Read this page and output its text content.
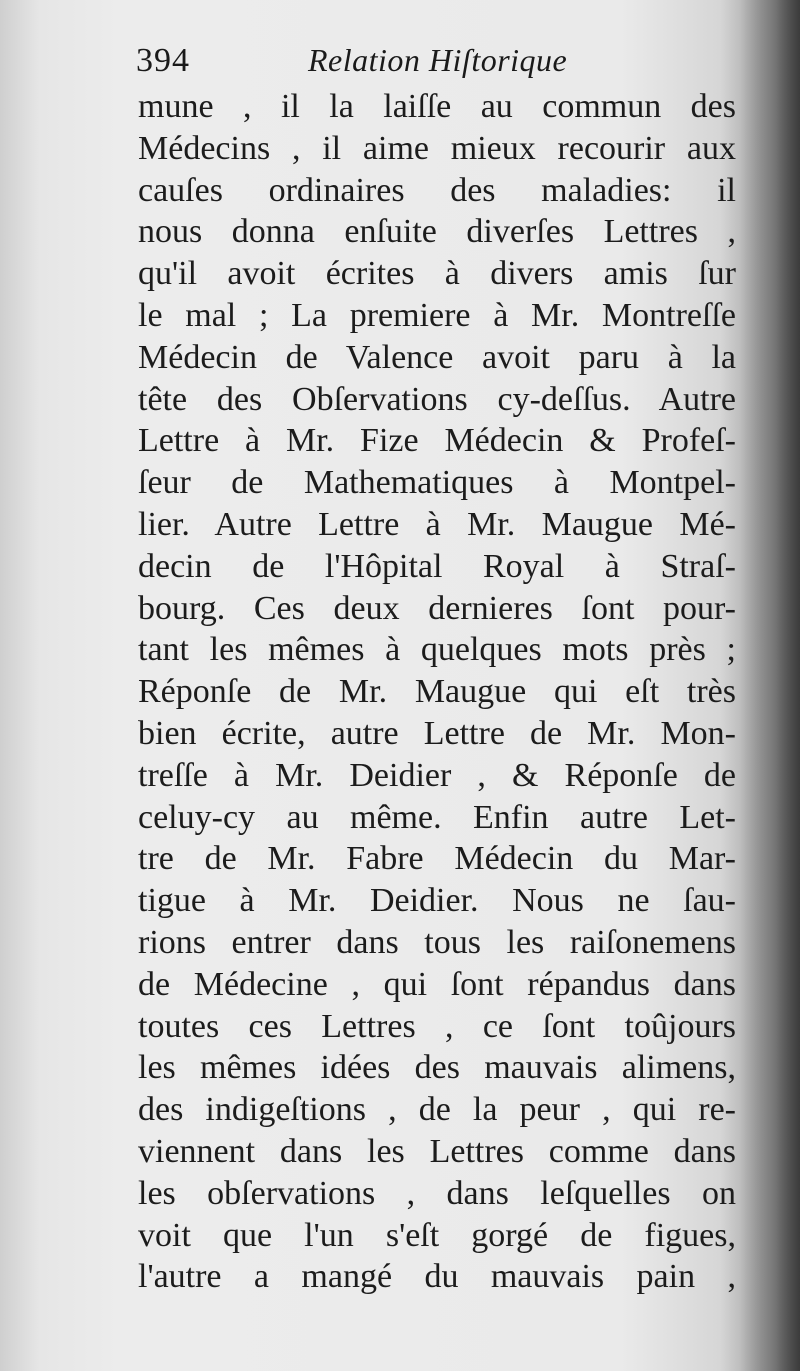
394	Relation Hiſtorique
mune , il la laiſſe au commun des
Médecins , il aime mieux recourir aux
cauſes ordinaires des maladies: il
nous donna enſuite diverſes Lettres ,
qu'il avoit écrites à divers amis ſur
le mal ; La premiere à Mr. Montreſſe
Médecin de Valence avoit paru à la
tête des Obſervations cy-deſſus. Autre
Lettre à Mr. Fize Médecin & Profeſ-
ſeur de Mathematiques à Montpel-
lier. Autre Lettre à Mr. Maugue Mé-
decin de l'Hôpital Royal à Straſ-
bourg. Ces deux dernieres ſont pour-
tant les mêmes à quelques mots près ;
Réponſe de Mr. Maugue qui eſt très
bien écrite, autre Lettre de Mr. Mon-
treſſe à Mr. Deidier , & Réponſe de
celuy-cy au même. Enfin autre Let-
tre de Mr. Fabre Médecin du Mar-
tigue à Mr. Deidier. Nous ne ſau-
rions entrer dans tous les raiſonemens
de Médecine , qui ſont répandus dans
toutes ces Lettres , ce ſont toûjours
les mêmes idées des mauvais alimens,
des indigeſtions , de la peur , qui re-
viennent dans les Lettres comme dans
les obſervations , dans leſquelles on
voit que l'un s'eſt gorgé de figues,
l'autre a mangé du mauvais pain ,
